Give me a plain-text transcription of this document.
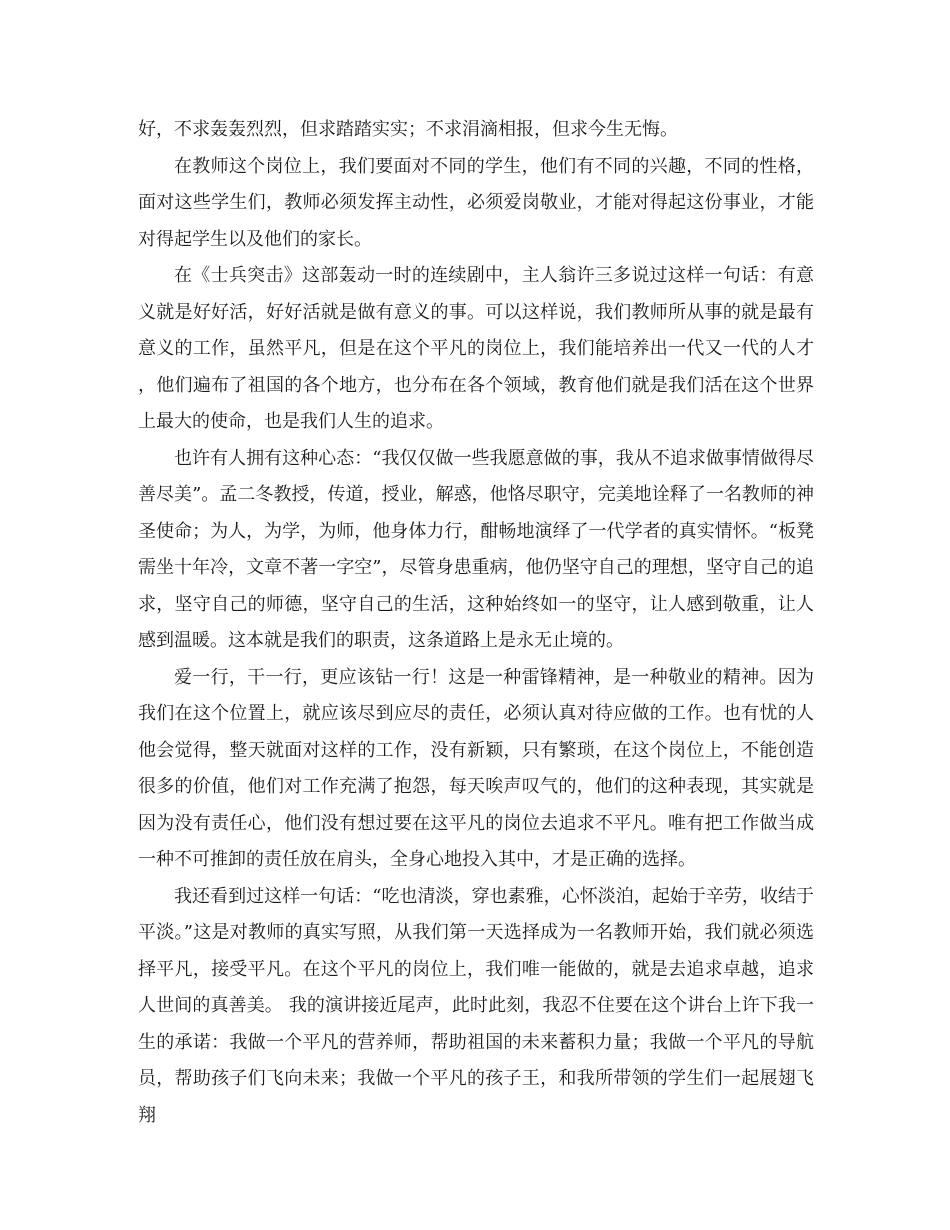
好，不求轰轰烈烈，但求踏踏实实；不求涓滴相报，但求今生无悔。

在教师这个岗位上，我们要面对不同的学生，他们有不同的兴趣，不同的性格，面对这些学生们，教师必须发挥主动性，必须爱岗敬业，才能对得起这份事业，才能对得起学生以及他们的家长。

在《士兵突击》这部轰动一时的连续剧中，主人翁许三多说过这样一句话：有意义就是好好活，好好活就是做有意义的事。可以这样说，我们教师所从事的就是最有意义的工作，虽然平凡，但是在这个平凡的岗位上，我们能培养出一代又一代的人才，他们遍布了祖国的各个地方，也分布在各个领域，教育他们就是我们活在这个世界上最大的使命，也是我们人生的追求。

也许有人拥有这种心态：“我仅仅做一些我愿意做的事，我从不追求做事情做得尽善尽美”。孟二冬教授，传道，授业，解惑，他恪尽职守，完美地诠释了一名教师的神圣使命；为人，为学，为师，他身体力行，酣畅地演绎了一代学者的真实情怀。“板凳需坐十年冷，文章不著一字空”，尽管身患重病，他仍坚守自己的理想，坚守自己的追求，坚守自己的师德，坚守自己的生活，这种始终如一的坚守，让人感到敬重，让人感到温暖。这本就是我们的职责，这条道路上是永无止境的。

爱一行，干一行，更应该钻一行！这是一种雷锋精神，是一种敬业的精神。因为我们在这个位置上，就应该尽到应尽的责任，必须认真对待应做的工作。也有忧的人他会觉得，整天就面对这样的工作，没有新颖，只有繁琐，在这个岗位上，不能创造很多的价值，他们对工作充满了抱怨，每天唉声叹气的，他们的这种表现，其实就是因为没有责任心，他们没有想过要在这平凡的岗位去追求不平凡。唯有把工作做当成一种不可推卸的责任放在肩头，全身心地投入其中，才是正确的选择。

我还看到过这样一句话：“吃也清淡，穿也素雅，心怀淡泊，起始于辛劳，收结于平淡。”这是对教师的真实写照，从我们第一天选择成为一名教师开始，我们就必须选择平凡，接受平凡。在这个平凡的岗位上，我们唯一能做的，就是去追求卓越，追求人世间的真善美。 我的演讲接近尾声，此时此刻，我忍不住要在这个讲台上许下我一生的承诺：我做一个平凡的营养师，帮助祖国的未来蓄积力量；我做一个平凡的导航员，帮助孩子们飞向未来；我做一个平凡的孩子王，和我所带领的学生们一起展翅飞翔
